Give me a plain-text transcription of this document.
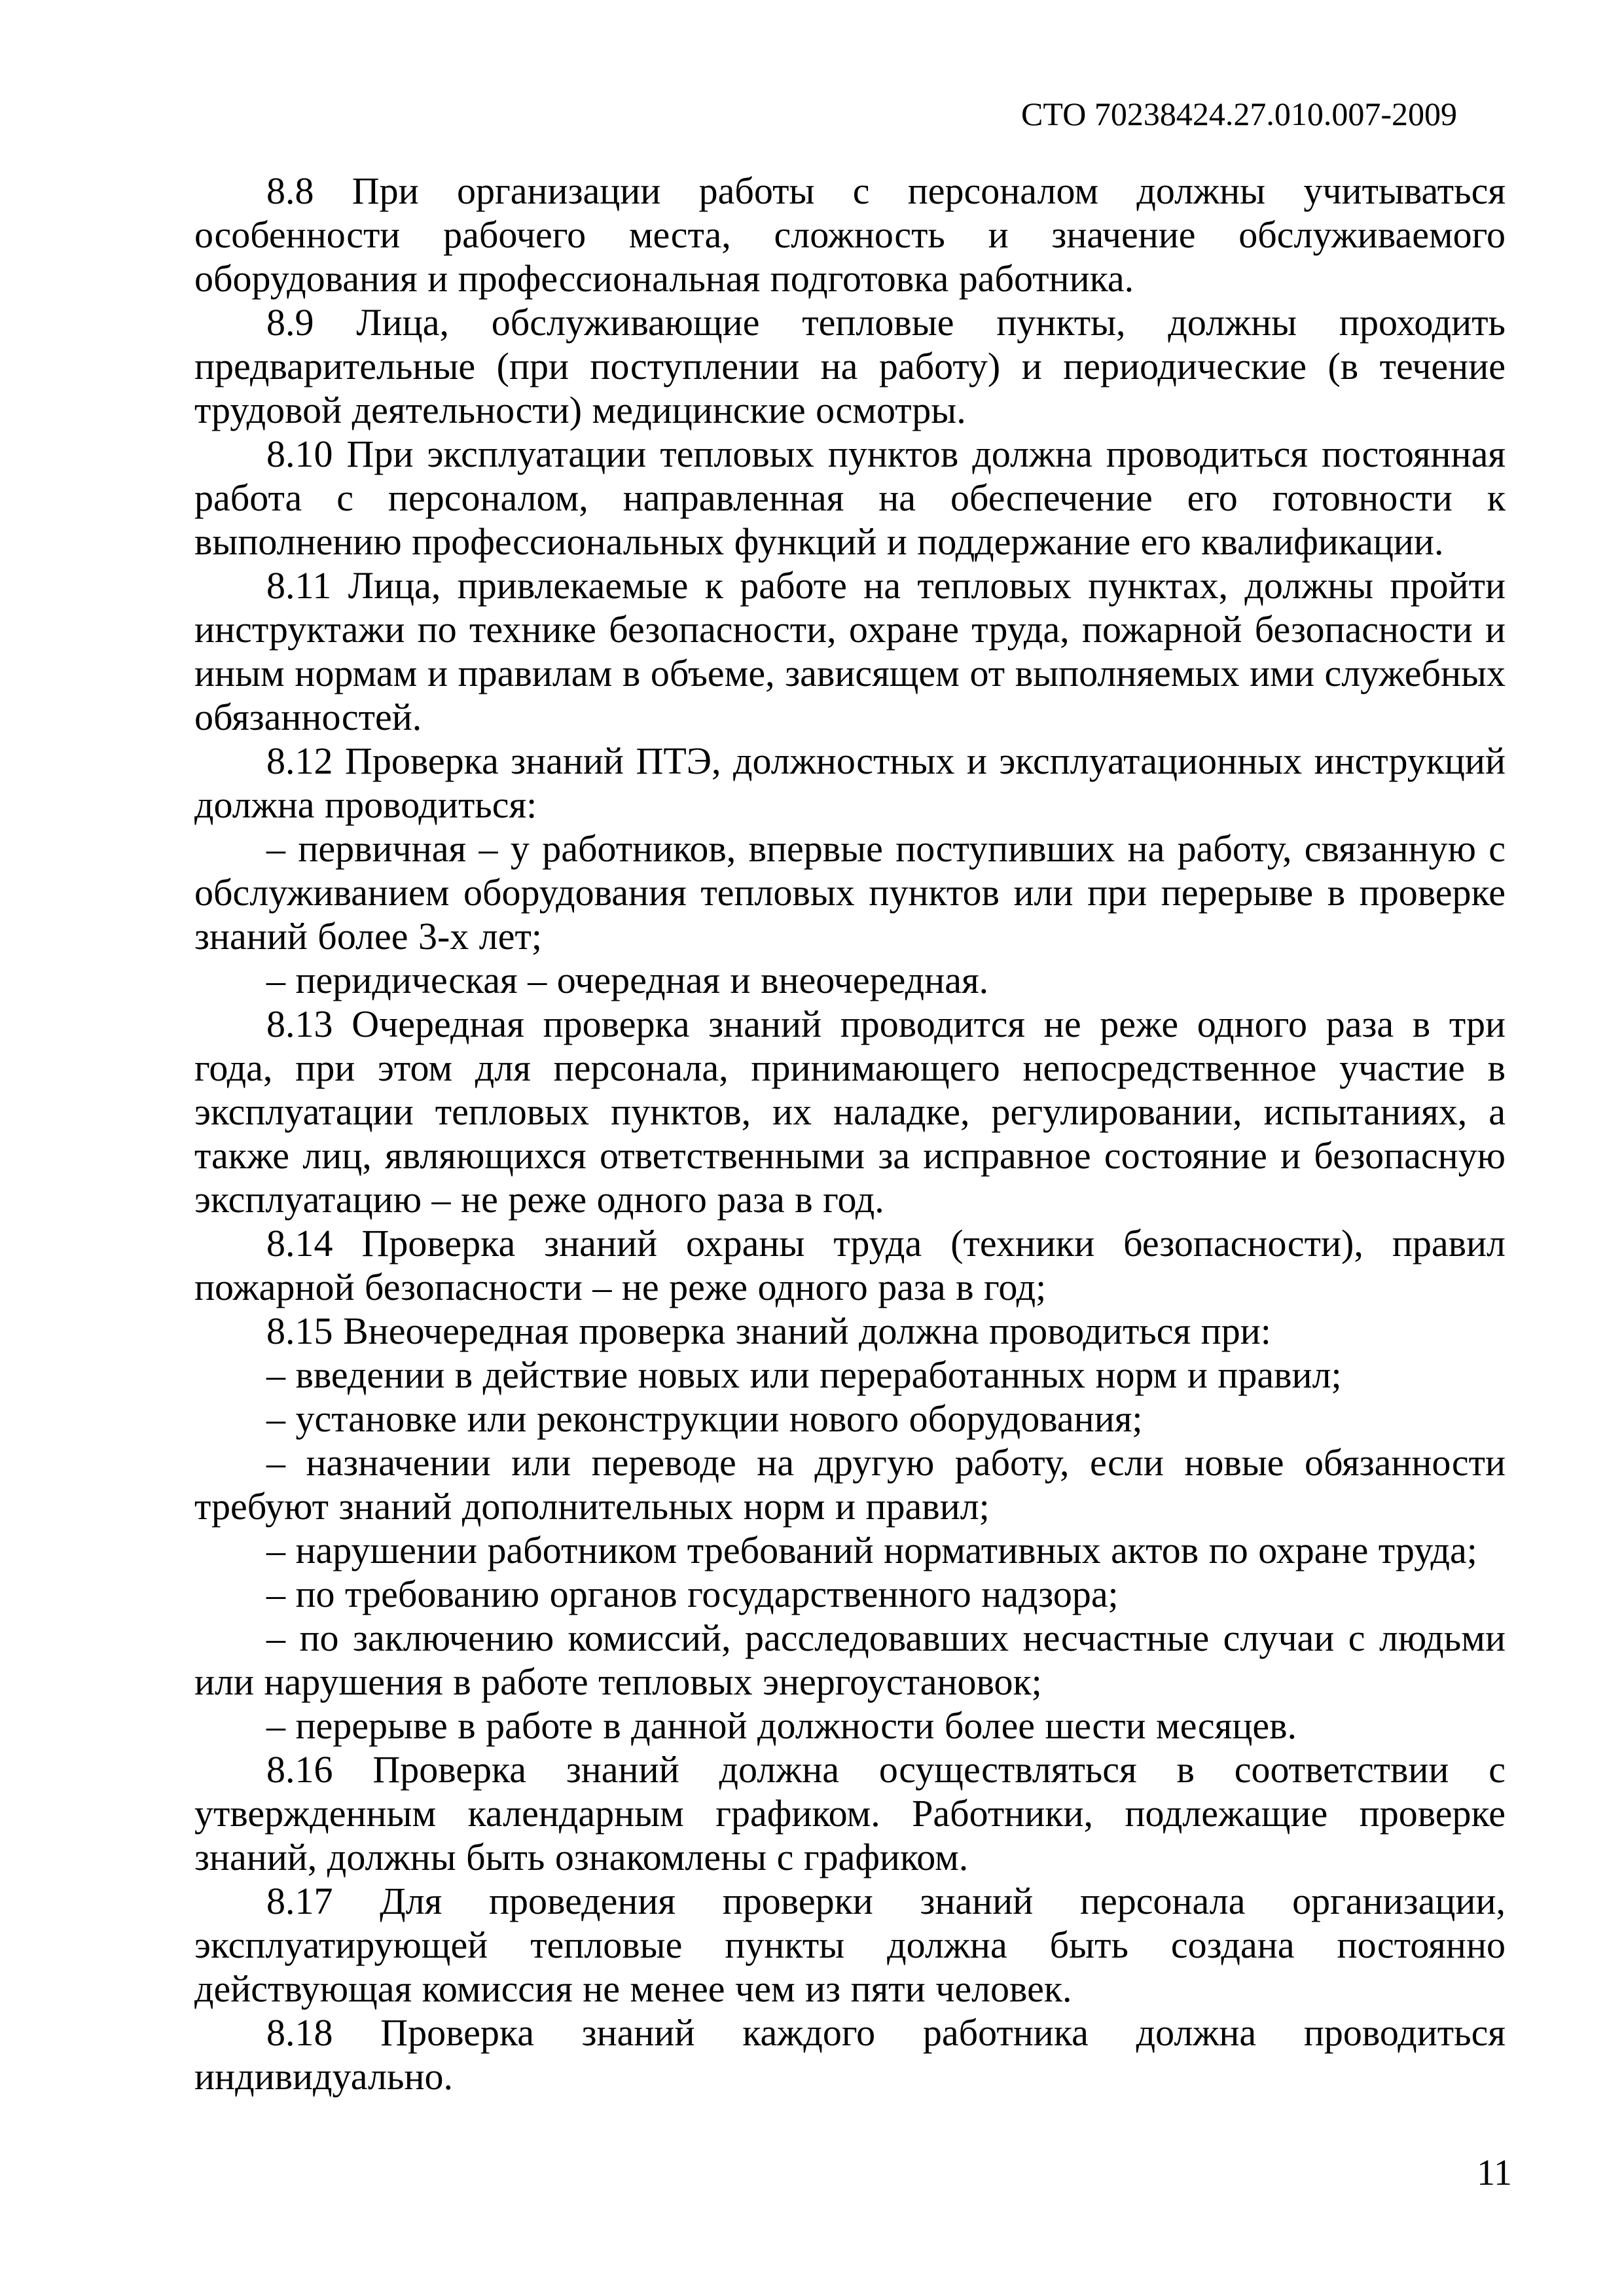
СТО 70238424.27.010.007-2009

8.8 При организации работы с персоналом должны учитываться особенности рабочего места, сложность и значение обслуживаемого оборудования и профессиональная подготовка работника.

8.9 Лица, обслуживающие тепловые пункты, должны проходить предварительные (при поступлении на работу) и периодические (в течение трудовой деятельности) медицинские осмотры.

8.10 При эксплуатации тепловых пунктов должна проводиться постоянная работа с персоналом, направленная на обеспечение его готовности к выполнению профессиональных функций и поддержание его квалификации.

8.11 Лица, привлекаемые к работе на тепловых пунктах, должны пройти инструктажи по технике безопасности, охране труда, пожарной безопасности и иным нормам и правилам в объеме, зависящем от выполняемых ими служебных обязанностей.

8.12 Проверка знаний ПТЭ, должностных и эксплуатационных инструкций должна проводиться:

– первичная – у работников, впервые поступивших на работу, связанную с обслуживанием оборудования тепловых пунктов или при перерыве в проверке знаний более 3-х лет;

– перидическая – очередная и внеочередная.

8.13 Очередная проверка знаний проводится не реже одного раза в три года, при этом для персонала, принимающего непосредственное участие в эксплуатации тепловых пунктов, их наладке, регулировании, испытаниях, а также лиц, являющихся ответственными за исправное состояние и безопасную эксплуатацию – не реже одного раза в год.

8.14 Проверка знаний охраны труда (техники безопасности), правил пожарной безопасности – не реже одного раза в год;

8.15 Внеочередная проверка знаний должна проводиться при:

– введении в действие новых или переработанных норм и правил;

– установке или реконструкции нового оборудования;

– назначении или переводе на другую работу, если новые обязанности требуют знаний дополнительных норм и правил;

– нарушении работником требований нормативных актов по охране труда;

– по требованию органов государственного надзора;

– по заключению комиссий, расследовавших несчастные случаи с людьми или нарушения в работе тепловых энергоустановок;

– перерыве в работе в данной должности более шести месяцев.

8.16 Проверка знаний должна осуществляться в соответствии с утвержденным календарным графиком. Работники, подлежащие проверке знаний, должны быть ознакомлены с графиком.

8.17 Для проведения проверки знаний персонала организации, эксплуатирующей тепловые пункты должна быть создана постоянно действующая комиссия не менее чем из пяти человек.

8.18 Проверка знаний каждого работника должна проводиться индивидуально.

11
